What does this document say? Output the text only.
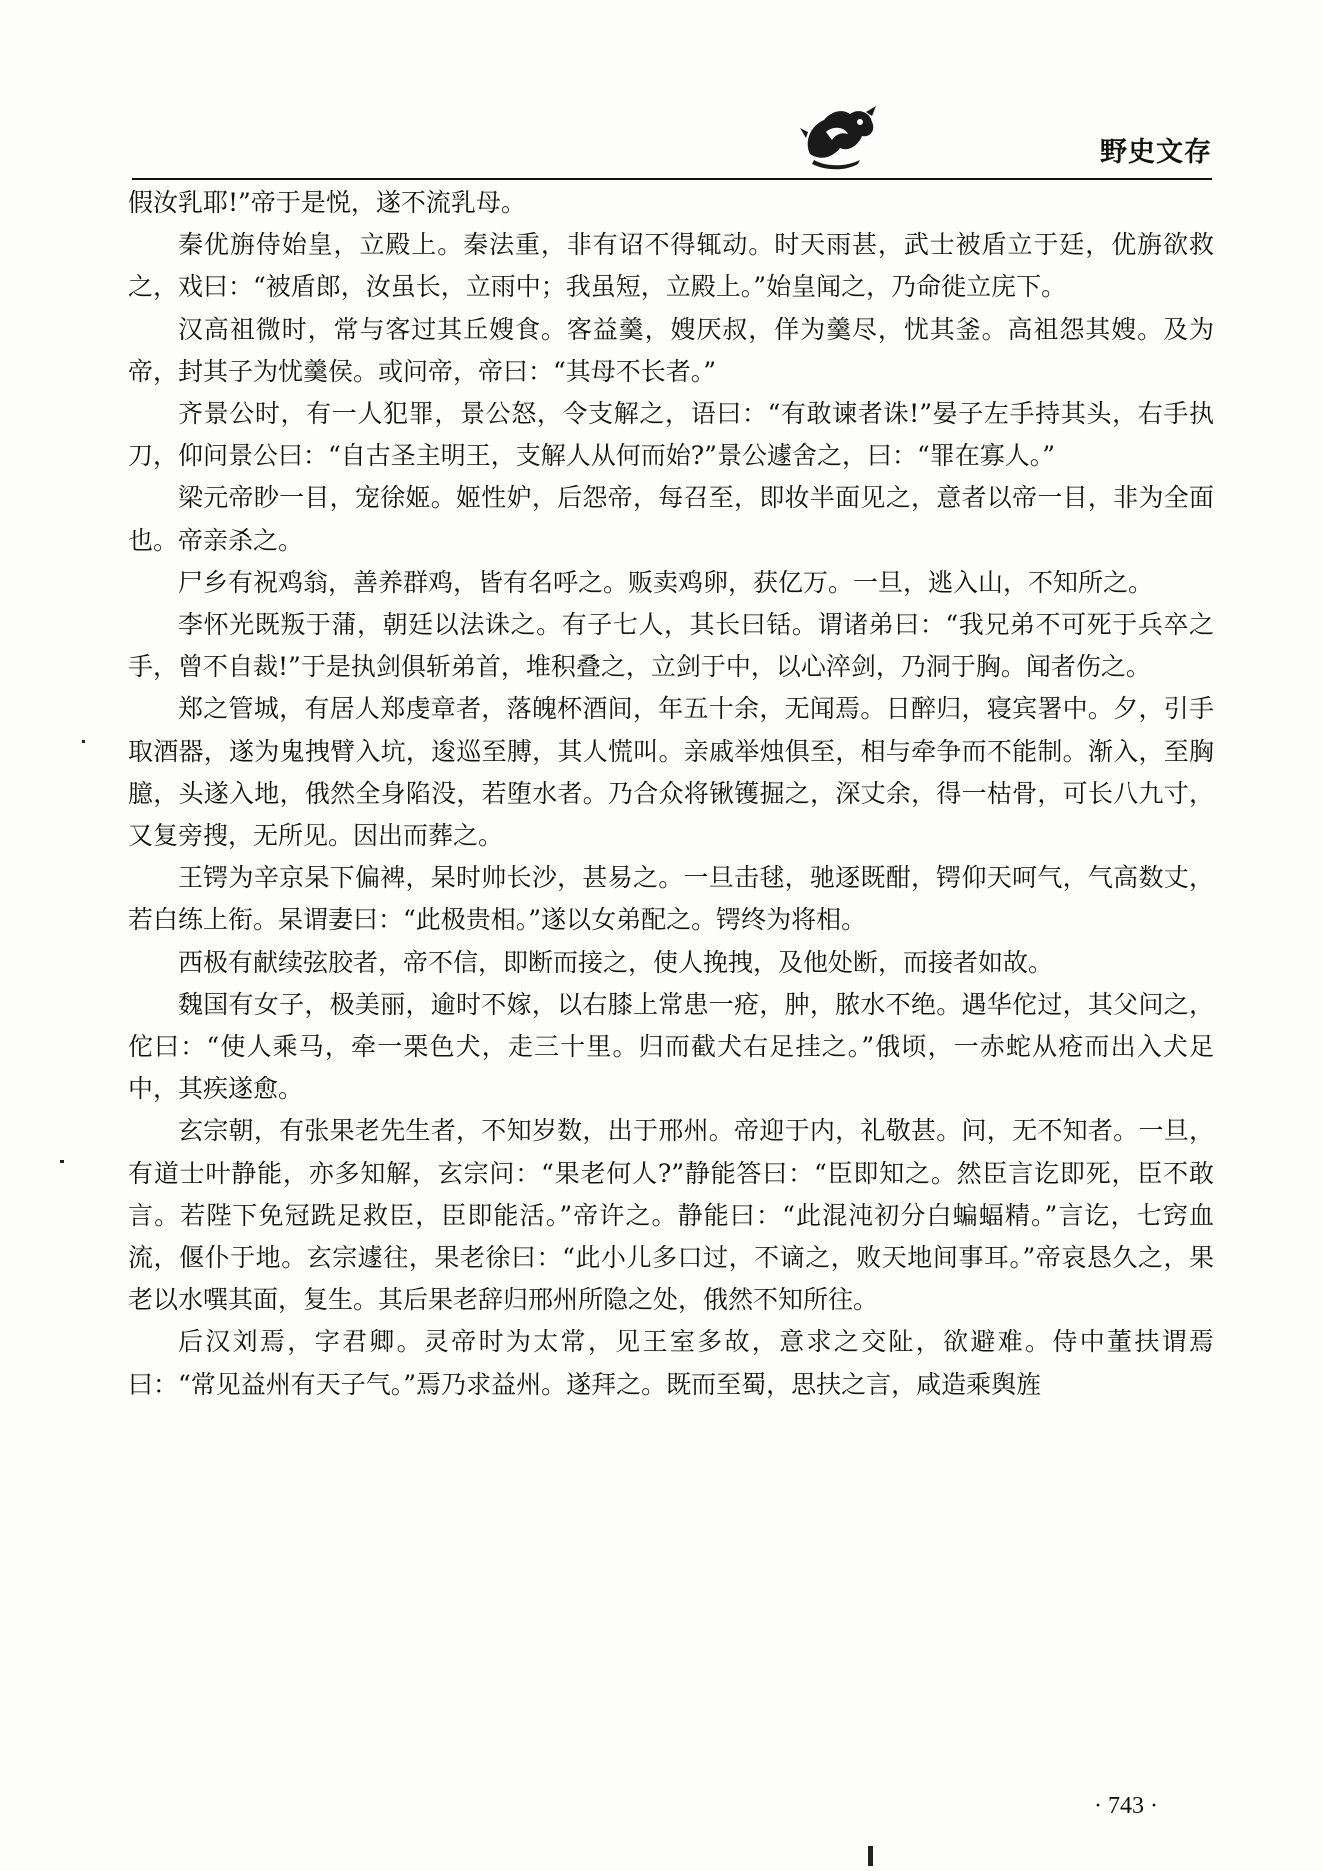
野史文存

假汝乳耶!”帝于是悦，遂不流乳母。

秦优旃侍始皇，立殿上。秦法重，非有诏不得辄动。时天雨甚，武士被盾立于廷，优旃欲救之，戏曰：“被盾郎，汝虽长，立雨中；我虽短，立殿上。”始皇闻之，乃命徙立庑下。

汉高祖微时，常与客过其丘嫂食。客益羹，嫂厌叔，佯为羹尽，忧其釜。高祖怨其嫂。及为帝，封其子为忧羹侯。或问帝，帝曰：“其母不长者。”

齐景公时，有一人犯罪，景公怒，令支解之，语曰：“有敢谏者诛!”晏子左手持其头，右手执刀，仰问景公曰：“自古圣主明王，支解人从何而始?”景公遽舍之，曰：“罪在寡人。”

梁元帝眇一目，宠徐姬。姬性妒，后怨帝，每召至，即妆半面见之，意者以帝一目，非为全面也。帝亲杀之。

尸乡有祝鸡翁，善养群鸡，皆有名呼之。贩卖鸡卵，获亿万。一旦，逃入山，不知所之。

李怀光既叛于蒲，朝廷以法诛之。有子七人，其长曰铦。谓诸弟曰：“我兄弟不可死于兵卒之手，曾不自裁!”于是执剑俱斩弟首，堆积叠之，立剑于中，以心淬剑，乃洞于胸。闻者伤之。

郑之管城，有居人郑虔章者，落魄杯酒间，年五十余，无闻焉。日醉归，寝宾署中。夕，引手取酒器，遂为鬼拽臂入坑，逡巡至膊，其人慌叫。亲戚举烛俱至，相与牵争而不能制。渐入，至胸臆，头遂入地，俄然全身陷没，若堕水者。乃合众将锹镬掘之，深丈余，得一枯骨，可长八九寸，又复旁搜，无所见。因出而葬之。

王锷为辛京杲下偏裨，杲时帅长沙，甚易之。一旦击毬，驰逐既酣，锷仰天呵气，气高数丈，若白练上衔。杲谓妻曰：“此极贵相。”遂以女弟配之。锷终为将相。

西极有献续弦胶者，帝不信，即断而接之，使人挽拽，及他处断，而接者如故。

魏国有女子，极美丽，逾时不嫁，以右膝上常患一疮，肿，脓水不绝。遇华佗过，其父问之，佗曰：“使人乘马，牵一栗色犬，走三十里。归而截犬右足挂之。”俄顷，一赤蛇从疮而出入犬足中，其疾遂愈。

玄宗朝，有张果老先生者，不知岁数，出于邢州。帝迎于内，礼敬甚。问，无不知者。一旦，有道士叶静能，亦多知解，玄宗问：“果老何人?”静能答曰：“臣即知之。然臣言讫即死，臣不敢言。若陛下免冠跣足救臣，臣即能活。”帝许之。静能曰：“此混沌初分白蝙蝠精。”言讫，七窍血流，偃仆于地。玄宗遽往，果老徐曰：“此小儿多口过，不谪之，败天地间事耳。”帝哀恳久之，果老以水噀其面，复生。其后果老辞归邢州所隐之处，俄然不知所往。

后汉刘焉，字君卿。灵帝时为太常，见王室多故，意求之交阯，欲避难。侍中董扶谓焉曰：“常见益州有天子气。”焉乃求益州。遂拜之。既而至蜀，思扶之言，咸造乘舆旌

· 743 ·
